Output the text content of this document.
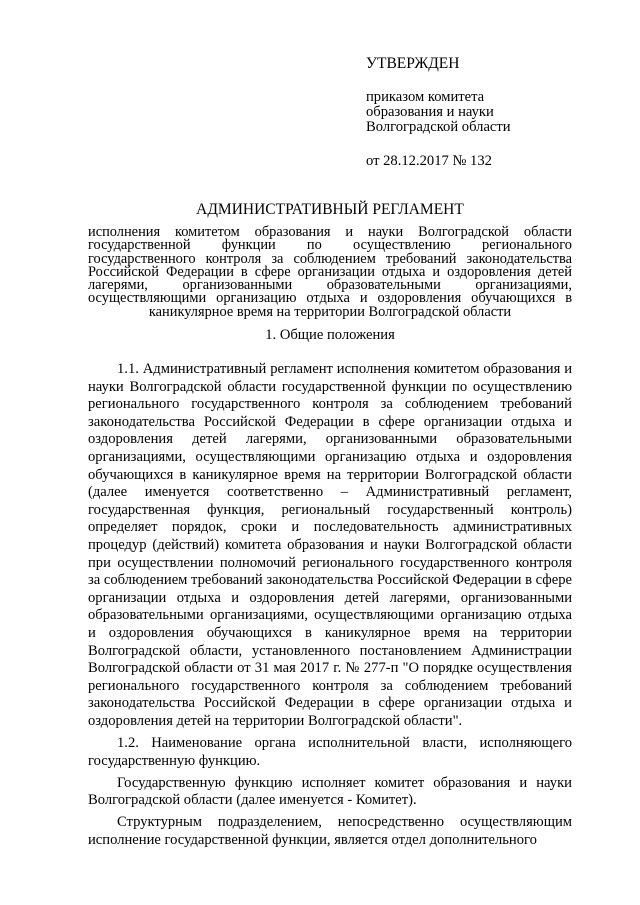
УТВЕРЖДЕН
приказом комитета
образования и науки
Волгоградской области
от 28.12.2017 № 132
АДМИНИСТРАТИВНЫЙ РЕГЛАМЕНТ

исполнения комитетом образования и науки Волгоградской области государственной функции по осуществлению регионального государственного контроля за соблюдением требований законодательства Российской Федерации в сфере организации отдыха и оздоровления детей лагерями, организованными образовательными организациями, осуществляющими организацию отдыха и оздоровления обучающихся в каникулярное время на территории Волгоградской области

1. Общие положения

1.1. Административный регламент исполнения комитетом образования и науки Волгоградской области государственной функции по осуществлению регионального государственного контроля за соблюдением требований законодательства Российской Федерации в сфере организации отдыха и оздоровления детей лагерями, организованными образовательными организациями, осуществляющими организацию отдыха и оздоровления обучающихся в каникулярное время на территории Волгоградской области (далее именуется соответственно – Административный регламент, государственная функция, региональный государственный контроль) определяет порядок, сроки и последовательность административных процедур (действий) комитета образования и науки Волгоградской области при осуществлении полномочий регионального государственного контроля за соблюдением требований законодательства Российской Федерации в сфере организации отдыха и оздоровления детей лагерями, организованными образовательными организациями, осуществляющими организацию отдыха и оздоровления обучающихся в каникулярное время на территории Волгоградской области, установленного постановлением Администрации Волгоградской области от 31 мая 2017 г. № 277-п "О порядке осуществления регионального государственного контроля за соблюдением требований законодательства Российской Федерации в сфере организации отдыха и оздоровления детей на территории Волгоградской области".

1.2. Наименование органа исполнительной власти, исполняющего государственную функцию.

Государственную функцию исполняет комитет образования и науки Волгоградской области (далее именуется - Комитет).

Структурным подразделением, непосредственно осуществляющим исполнение государственной функции, является отдел дополнительного
